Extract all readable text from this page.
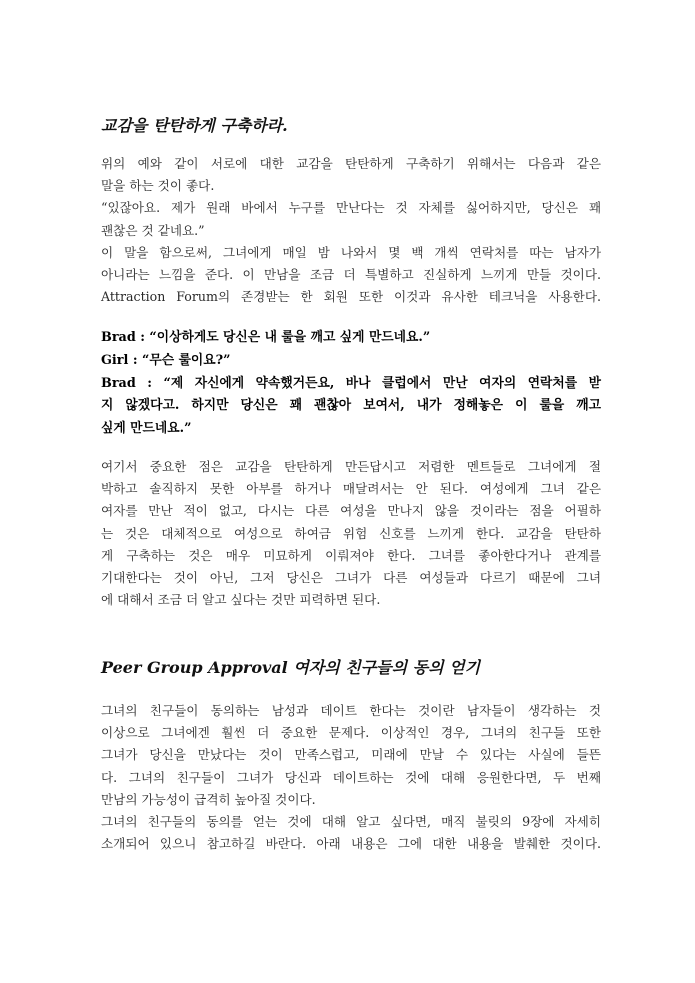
교감을 탄탄하게 구축하라.
위의 예와 같이 서로에 대한 교감을 탄탄하게 구축하기 위해서는 다음과 같은
말을 하는 것이 좋다.
“있잖아요. 제가 원래 바에서 누구를 만난다는 것 자체를 싫어하지만, 당신은 꽤
괜찮은 것 같네요.”
이 말을 함으로써, 그녀에게 매일 밤 나와서 몇 백 개씩 연락처를 따는 남자가
아니라는 느낌을 준다. 이 만남을 조금 더 특별하고 진실하게 느끼게 만들 것이다.
Attraction Forum의 존경받는 한 회원 또한 이것과 유사한 테크닉을 사용한다.
Brad : “이상하게도 당신은 내 룰을 깨고 싶게 만드네요.”
Girl : “무슨 룰이요?”
Brad : “제 자신에게 약속했거든요, 바나 클럽에서 만난 여자의 연락처를 받
지 않겠다고. 하지만 당신은 꽤 괜찮아 보여서, 내가 정해놓은 이 룰을 깨고
싶게 만드네요.”
여기서 중요한 점은 교감을 탄탄하게 만든답시고 저렴한 멘트들로 그녀에게 절
박하고 솔직하지 못한 아부를 하거나 매달려서는 안 된다. 여성에게 그녀 같은
여자를 만난 적이 없고, 다시는 다른 여성을 만나지 않을 것이라는 점을 어필하
는 것은 대체적으로 여성으로 하여금 위험 신호를 느끼게 한다. 교감을 탄탄하
게 구축하는 것은 매우 미묘하게 이뤄져야 한다. 그녀를 좋아한다거나 관계를
기대한다는 것이 아닌, 그저 당신은 그녀가 다른 여성들과 다르기 때문에 그녀
에 대해서 조금 더 알고 싶다는 것만 피력하면 된다.
Peer Group Approval 여자의 친구들의 동의 얻기
그녀의 친구들이 동의하는 남성과 데이트 한다는 것이란 남자들이 생각하는 것
이상으로 그녀에겐 훨씬 더 중요한 문제다. 이상적인 경우, 그녀의 친구들 또한
그녀가 당신을 만났다는 것이 만족스럽고, 미래에 만날 수 있다는 사실에 들뜬
다. 그녀의 친구들이 그녀가 당신과 데이트하는 것에 대해 응원한다면, 두 번째
만남의 가능성이 급격히 높아질 것이다.
그녀의 친구들의 동의를 얻는 것에 대해 알고 싶다면, 매직 불릿의 9장에 자세히
소개되어 있으니 참고하길 바란다. 아래 내용은 그에 대한 내용을 발췌한 것이다.
